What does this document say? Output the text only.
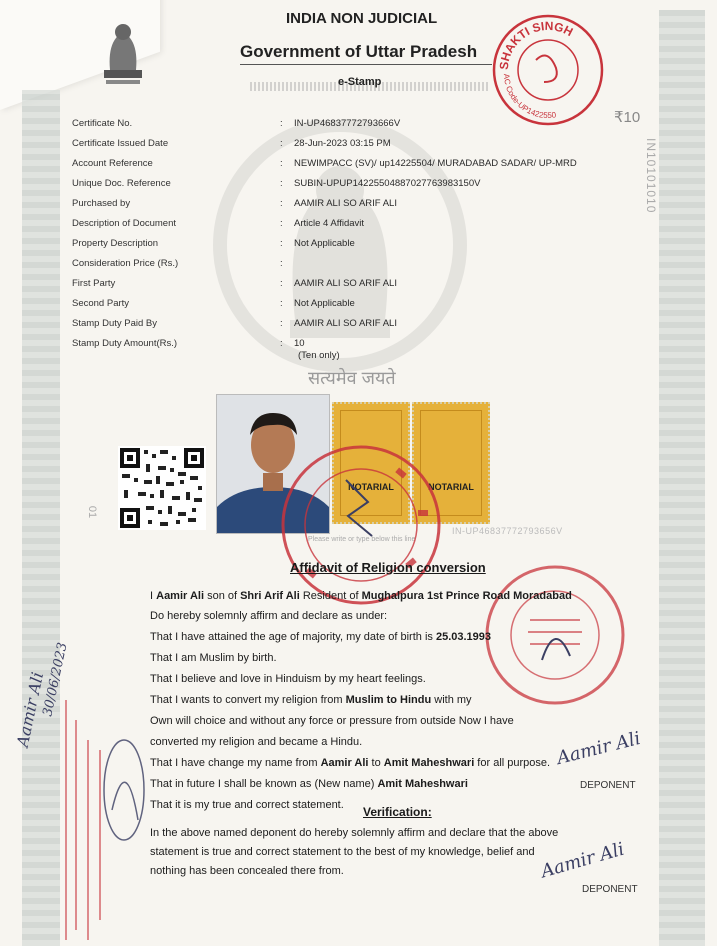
INDIA NON JUDICIAL
Government of Uttar Pradesh
e-Stamp
SHAKTI SINGH
AC Code-UP1422550	₹10
IN10101010
सत्यमेव जयते
Certificate No.	: IN-UP46837772793666V
Certificate Issued Date	: 28-Jun-2023 03:15 PM
Account Reference	: NEWIMPACC (SV)/ up14225504/ MURADABAD SADAR/ UP-MRD
Unique Doc. Reference	: SUBIN-UPUP14225504887027763983150V
Purchased by	: AAMIR ALI SO ARIF ALI
Description of Document	: Article 4 Affidavit
Property Description	: Not Applicable
Consideration Price (Rs.)	:
First Party	: AAMIR ALI SO ARIF ALI
Second Party	: Not Applicable
Stamp Duty Paid By	: AAMIR ALI SO ARIF ALI
Stamp Duty Amount(Rs.)	: 10
(Ten only)
NOTARIAL	NOTARIAL
01
IN-UP46837772793656V
Please write or type below this line
Affidavit of Religion conversion
I Aamir Ali son of Shri Arif Ali Resident of Mughalpura 1st Prince Road Moradabad
Do hereby solemnly affirm and declare as under:
That I have attained the age of majority, my date of birth is 25.03.1993
That I am Muslim by birth.
That I believe and love in Hinduism by my heart feelings.
That I wants to convert my religion from Muslim to Hindu with my
Own will choice and without any force or pressure from outside Now I have
converted my religion and became a Hindu.
That I have change my name from Aamir Ali to Amit Maheshwari for all purpose.
That in future I shall be known as (New name) Amit Maheshwari
That it is my true and correct statement.
Aamir Ali
DEPONENT
Verification:
In the above named deponent do hereby solemnly affirm and declare that the above
statement is true and correct statement to the best of my knowledge, belief and
nothing has been concealed there from.	Aamir Ali
DEPONENT
Aamir Ali
30/06/2023
